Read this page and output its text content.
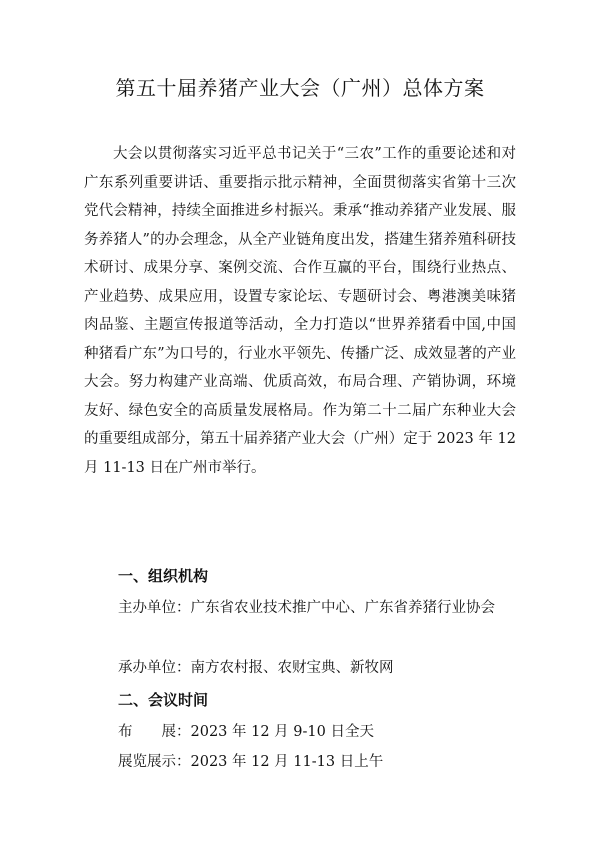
第五十届养猪产业大会（广州）总体方案

大会以贯彻落实习近平总书记关于“三农”工作的重要论述和对广东系列重要讲话、重要指示批示精神，全面贯彻落实省第十三次党代会精神，持续全面推进乡村振兴。秉承“推动养猪产业发展、服务养猪人”的办会理念，从全产业链角度出发，搭建生猪养殖科研技术研讨、成果分享、案例交流、合作互赢的平台，围绕行业热点、产业趋势、成果应用，设置专家论坛、专题研讨会、粤港澳美味猪肉品鉴、主题宣传报道等活动，全力打造以“世界养猪看中国,中国种猪看广东”为口号的，行业水平领先、传播广泛、成效显著的产业大会。努力构建产业高端、优质高效，布局合理、产销协调，环境友好、绿色安全的高质量发展格局。作为第二十二届广东种业大会的重要组成部分，第五十届养猪产业大会（广州）定于 2023 年 12 月 11-13 日在广州市举行。

一、组织机构
主办单位：广东省农业技术推广中心、广东省养猪行业协会
承办单位：南方农村报、农财宝典、新牧网
二、会议时间
布　　展：2023 年 12 月 9-10 日全天
展览展示：2023 年 12 月 11-13 日上午
